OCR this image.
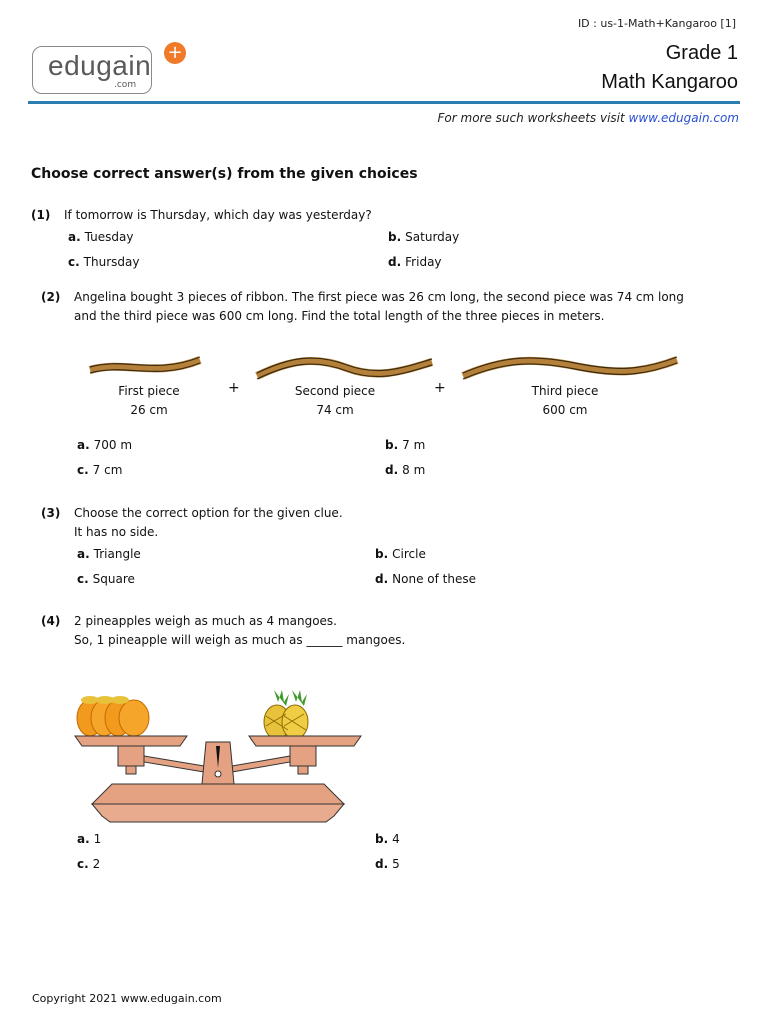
edugain
.com
+
ID : us-1-Math+Kangaroo [1]
Grade 1
Math Kangaroo
For more such worksheets visit www.edugain.com
Choose correct answer(s) from the given choices
(1) If tomorrow is Thursday, which day was yesterday?
a. Tuesday	b. Saturday
c. Thursday	d. Friday
(2) Angelina bought 3 pieces of ribbon. The first piece was 26 cm long, the second piece was 74 cm long
and the third piece was 600 cm long. Find the total length of the three pieces in meters.
First piece
26 cm
+	Second piece
74 cm
+	Third piece
600 cm
a. 700 m	b. 7 m
c. 7 cm	d. 8 m
(3) Choose the correct option for the given clue.
It has no side.
a. Triangle	b. Circle
c. Square	d. None of these
(4) 2 pineapples weigh as much as 4 mangoes.
So, 1 pineapple will weigh as much as ______ mangoes.
a. 1	b. 4
c. 2	d. 5
Copyright 2021 www.edugain.com
